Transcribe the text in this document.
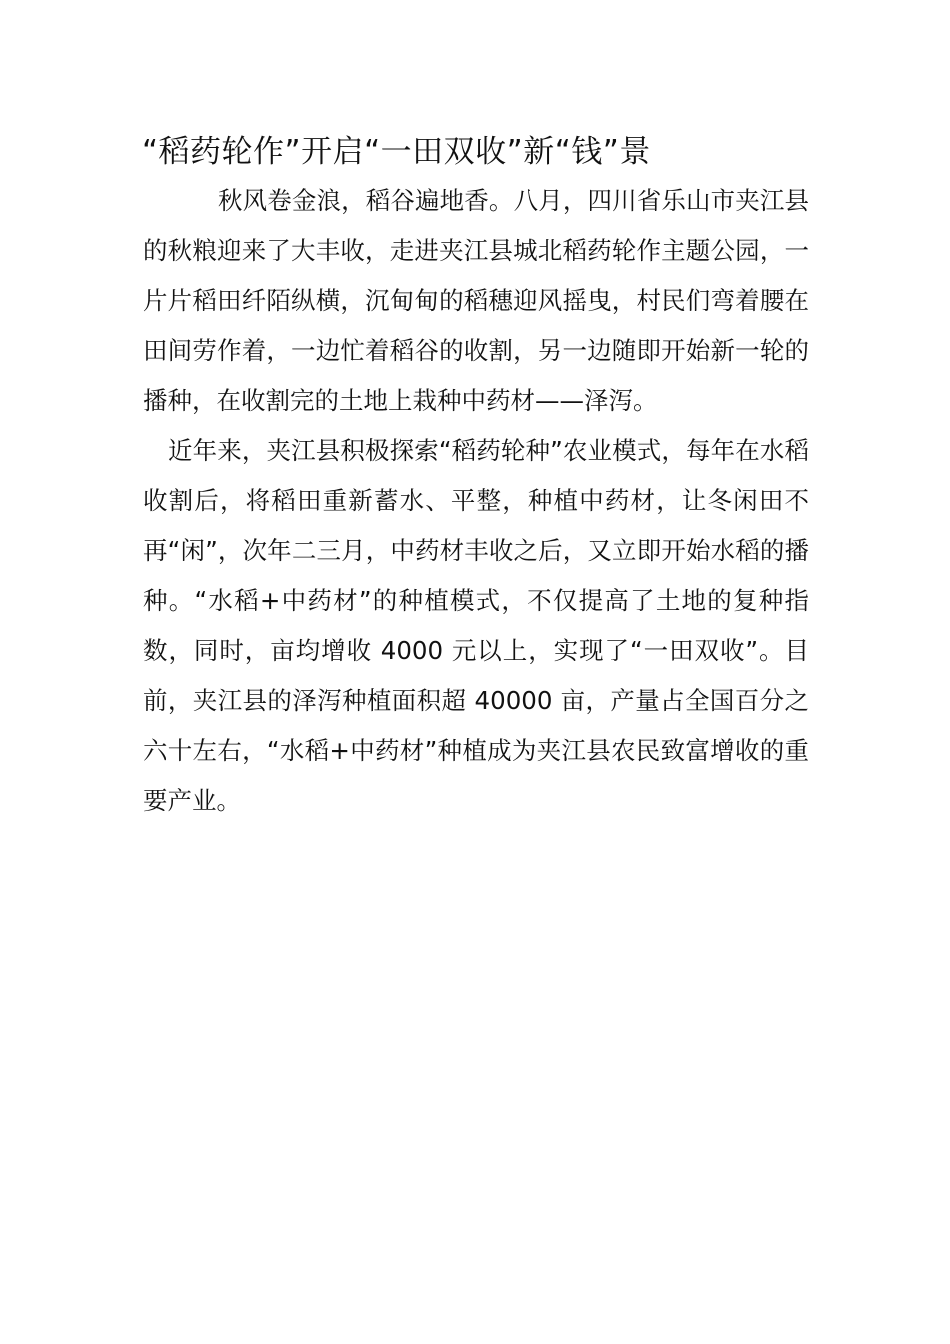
“稻药轮作”开启“一田双收”新“钱”景

秋风卷金浪，稻谷遍地香。八月，四川省乐山市夹江县的秋粮迎来了大丰收，走进夹江县城北稻药轮作主题公园，一片片稻田纤陌纵横，沉甸甸的稻穗迎风摇曳，村民们弯着腰在田间劳作着，一边忙着稻谷的收割，另一边随即开始新一轮的播种，在收割完的土地上栽种中药材——泽泻。

近年来，夹江县积极探索“稻药轮种”农业模式，每年在水稻收割后，将稻田重新蓄水、平整，种植中药材，让冬闲田不再“闲”，次年二三月，中药材丰收之后，又立即开始水稻的播种。“水稻+中药材”的种植模式，不仅提高了土地的复种指数，同时，亩均增收 4000 元以上，实现了“一田双收”。目前，夹江县的泽泻种植面积超 40000 亩，产量占全国百分之六十左右，“水稻+中药材”种植成为夹江县农民致富增收的重要产业。
